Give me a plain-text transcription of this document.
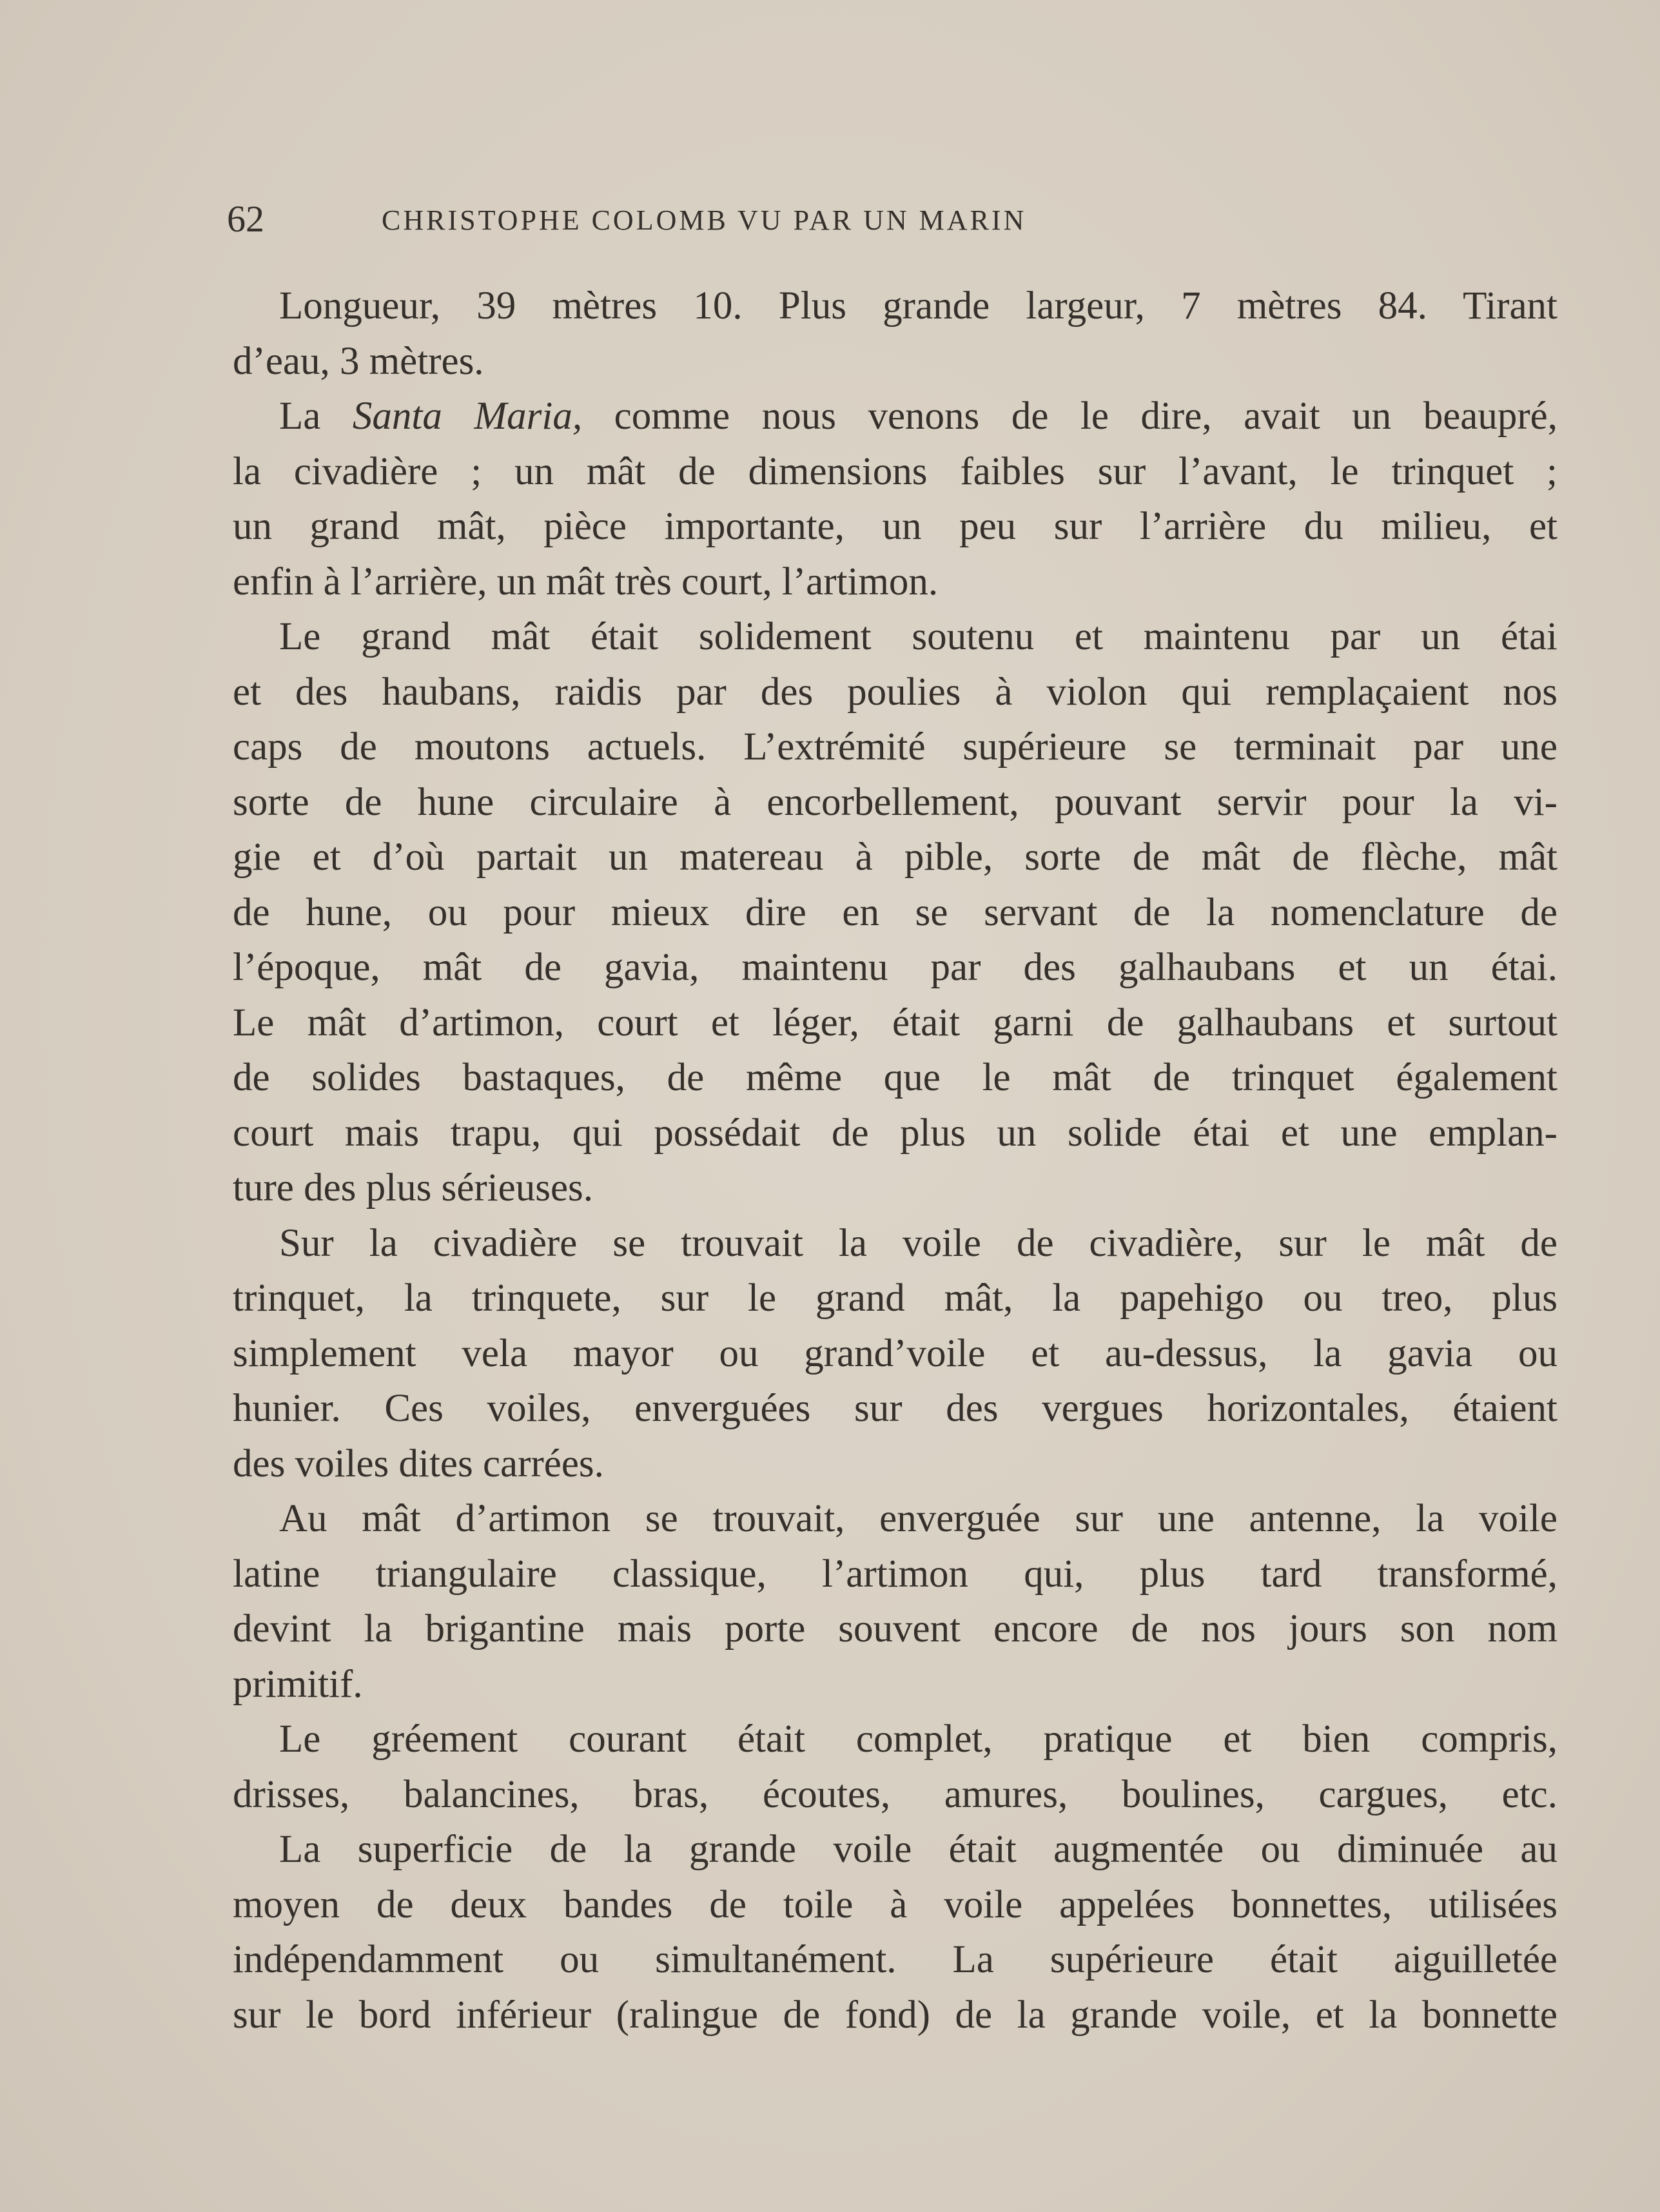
62	CHRISTOPHE COLOMB VU PAR UN MARIN
Longueur, 39 mètres 10. Plus grande largeur, 7 mètres 84. Tirant
d’eau, 3 mètres.
La Santa Maria, comme nous venons de le dire, avait un beaupré,
la civadière ; un mât de dimensions faibles sur l’avant, le trinquet ;
un grand mât, pièce importante, un peu sur l’arrière du milieu, et
enfin à l’arrière, un mât très court, l’artimon.
Le grand mât était solidement soutenu et maintenu par un étai
et des haubans, raidis par des poulies à violon qui remplaçaient nos
caps de moutons actuels. L’extrémité supérieure se terminait par une
sorte de hune circulaire à encorbellement, pouvant servir pour la vi-
gie et d’où partait un matereau à pible, sorte de mât de flèche, mât
de hune, ou pour mieux dire en se servant de la nomenclature de
l’époque, mât de gavia, maintenu par des galhaubans et un étai.
Le mât d’artimon, court et léger, était garni de galhaubans et surtout
de solides bastaques, de même que le mât de trinquet également
court mais trapu, qui possédait de plus un solide étai et une emplan-
ture des plus sérieuses.
Sur la civadière se trouvait la voile de civadière, sur le mât de
trinquet, la trinquete, sur le grand mât, la papehigo ou treo, plus
simplement vela mayor ou grand’voile et au-dessus, la gavia ou
hunier. Ces voiles, enverguées sur des vergues horizontales, étaient
des voiles dites carrées.
Au mât d’artimon se trouvait, enverguée sur une antenne, la voile
latine triangulaire classique, l’artimon qui, plus tard transformé,
devint la brigantine mais porte souvent encore de nos jours son nom
primitif.
Le gréement courant était complet, pratique et bien compris,
drisses, balancines, bras, écoutes, amures, boulines, cargues, etc.
La superficie de la grande voile était augmentée ou diminuée au
moyen de deux bandes de toile à voile appelées bonnettes, utilisées
indépendamment ou simultanément. La supérieure était aiguilletée
sur le bord inférieur (ralingue de fond) de la grande voile, et la bonnette
